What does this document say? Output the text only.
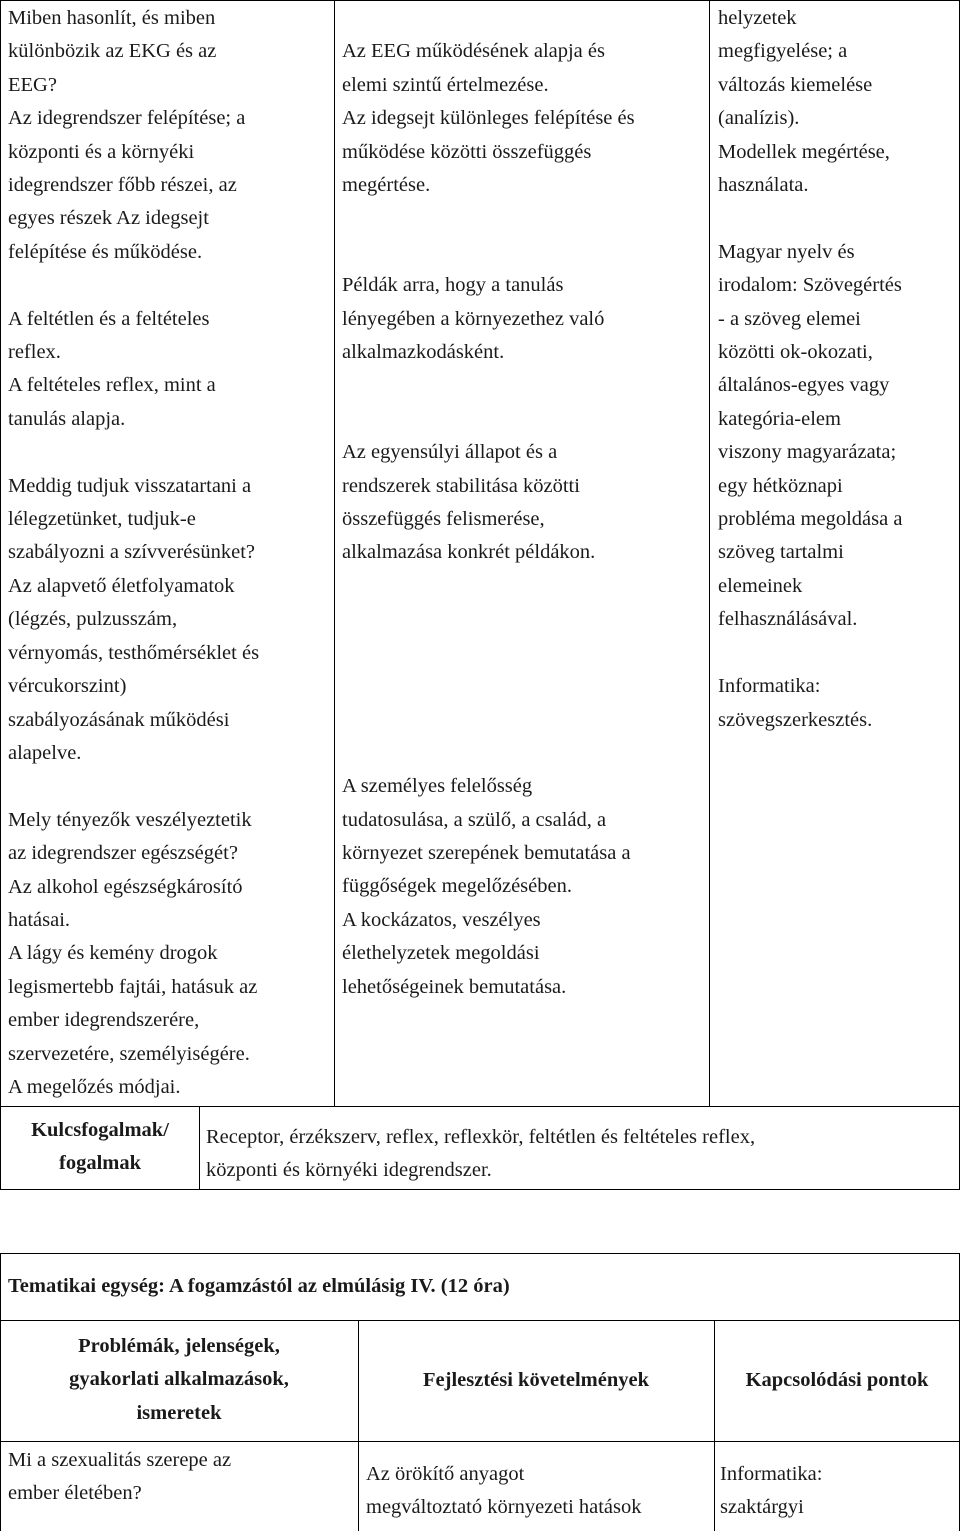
Miben hasonlít, és miben
különbözik az EKG és az
EEG?
Az idegrendszer felépítése; a
központi és a környéki
idegrendszer főbb részei, az
egyes részek Az idegsejt
felépítése és működése.
A feltétlen és a feltételes
reflex.
A feltételes reflex, mint a
tanulás alapja.
Meddig tudjuk visszatartani a
lélegzetünket, tudjuk-e
szabályozni a szívverésünket?
Az alapvető életfolyamatok
(légzés, pulzusszám,
vérnyomás, testhőmérséklet és
vércukorszint)
szabályozásának működési
alapelve.
Mely tényezők veszélyeztetik
az idegrendszer egészségét?
Az alkohol egészségkárosító
hatásai.
A lágy és kemény drogok
legismertebb fajtái, hatásuk az
ember idegrendszerére,
szervezetére, személyiségére.
A megelőzés módjai.
Az EEG működésének alapja és
elemi szintű értelmezése.
Az idegsejt különleges felépítése és
működése közötti összefüggés
megértése.
Példák arra, hogy a tanulás
lényegében a környezethez való
alkalmazkodásként.
Az egyensúlyi állapot és a
rendszerek stabilitása közötti
összefüggés felismerése,
alkalmazása konkrét példákon.
A személyes felelősség
tudatosulása, a szülő, a család, a
környezet szerepének bemutatása a
függőségek megelőzésében.
A kockázatos, veszélyes
élethelyzetek megoldási
lehetőségeinek bemutatása.
helyzetek
megfigyelése; a
változás kiemelése
(analízis).
Modellek megértése,
használata.
Magyar nyelv és
irodalom: Szövegértés
- a szöveg elemei
közötti ok-okozati,
általános-egyes vagy
kategória-elem
viszony magyarázata;
egy hétköznapi
probléma megoldása a
szöveg tartalmi
elemeinek
felhasználásával.
Informatika:
szövegszerkesztés.
Kulcsfogalmak/
fogalmak
Receptor, érzékszerv, reflex, reflexkör, feltétlen és feltételes reflex,
központi és környéki idegrendszer.
Tematikai egység: A fogamzástól az elmúlásig IV. (12 óra)
Problémák, jelenségek,
gyakorlati alkalmazások,
ismeretek
Fejlesztési követelmények	Kapcsolódási pontok
Mi a szexualitás szerepe az
ember életében?
Az örökítő anyagot
megváltoztató környezeti hatások
Informatika:
szaktárgyi
